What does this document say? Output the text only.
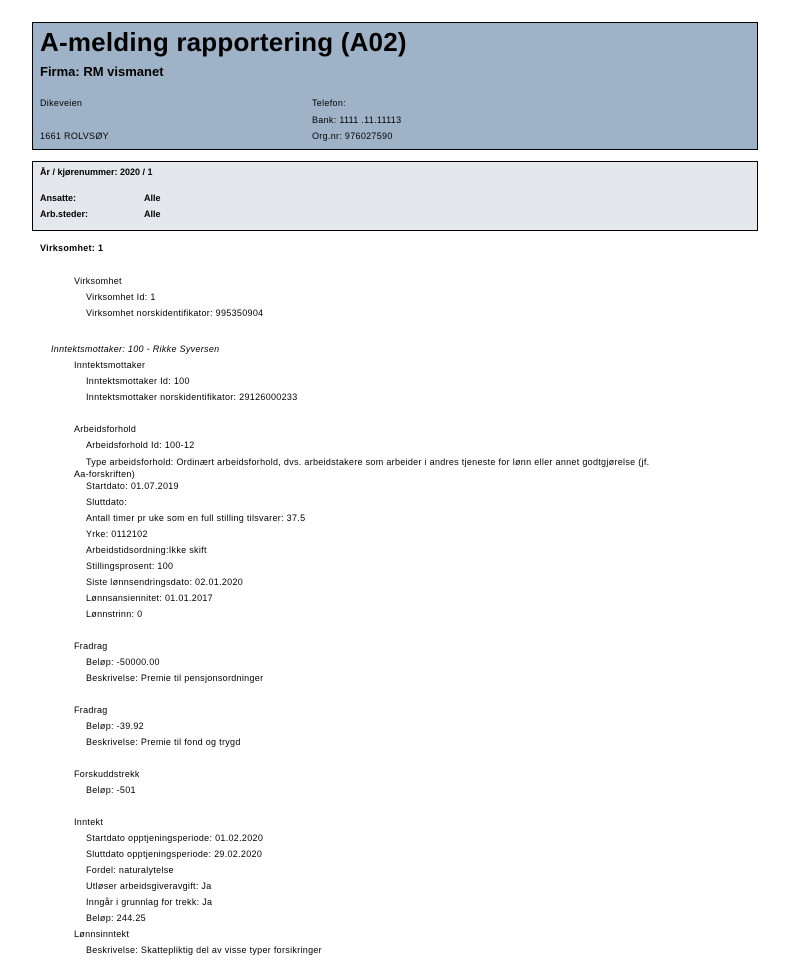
A-melding rapportering (A02)
Firma: RM vismanet
Dikeveien
1661 ROLVSØY
Telefon:
Bank: 1111 .11.11113
Org.nr: 976027590
År / kjørenummer: 2020 / 1
Ansatte:	Alle
Arb.steder:	Alle
Virksomhet: 1
Virksomhet
Virksomhet Id: 1
Virksomhet norskidentifikator: 995350904
Inntektsmottaker: 100 - Rikke Syversen
Inntektsmottaker
Inntektsmottaker Id: 100
Inntektsmottaker norskidentifikator: 29126000233
Arbeidsforhold
Arbeidsforhold Id: 100-12
Type arbeidsforhold: Ordinært arbeidsforhold, dvs. arbeidstakere som arbeider i andres tjeneste for lønn eller annet godtgjørelse (jf.
Aa-forskriften)
Startdato: 01.07.2019
Sluttdato:
Antall timer pr uke som en full stilling tilsvarer: 37.5
Yrke: 0112102
Arbeidstidsordning:Ikke skift
Stillingsprosent: 100
Siste lønnsendringsdato: 02.01.2020
Lønnsansiennitet: 01.01.2017
Lønnstrinn: 0
Fradrag
Beløp: -50000.00
Beskrivelse: Premie til pensjonsordninger
Fradrag
Beløp: -39.92
Beskrivelse: Premie til fond og trygd
Forskuddstrekk
Beløp: -501
Inntekt
Startdato opptjeningsperiode: 01.02.2020
Sluttdato opptjeningsperiode: 29.02.2020
Fordel: naturalytelse
Utløser arbeidsgiveravgift: Ja
Inngår i grunnlag for trekk: Ja
Beløp: 244.25
Lønnsinntekt
Beskrivelse: Skattepliktig del av visse typer forsikringer
